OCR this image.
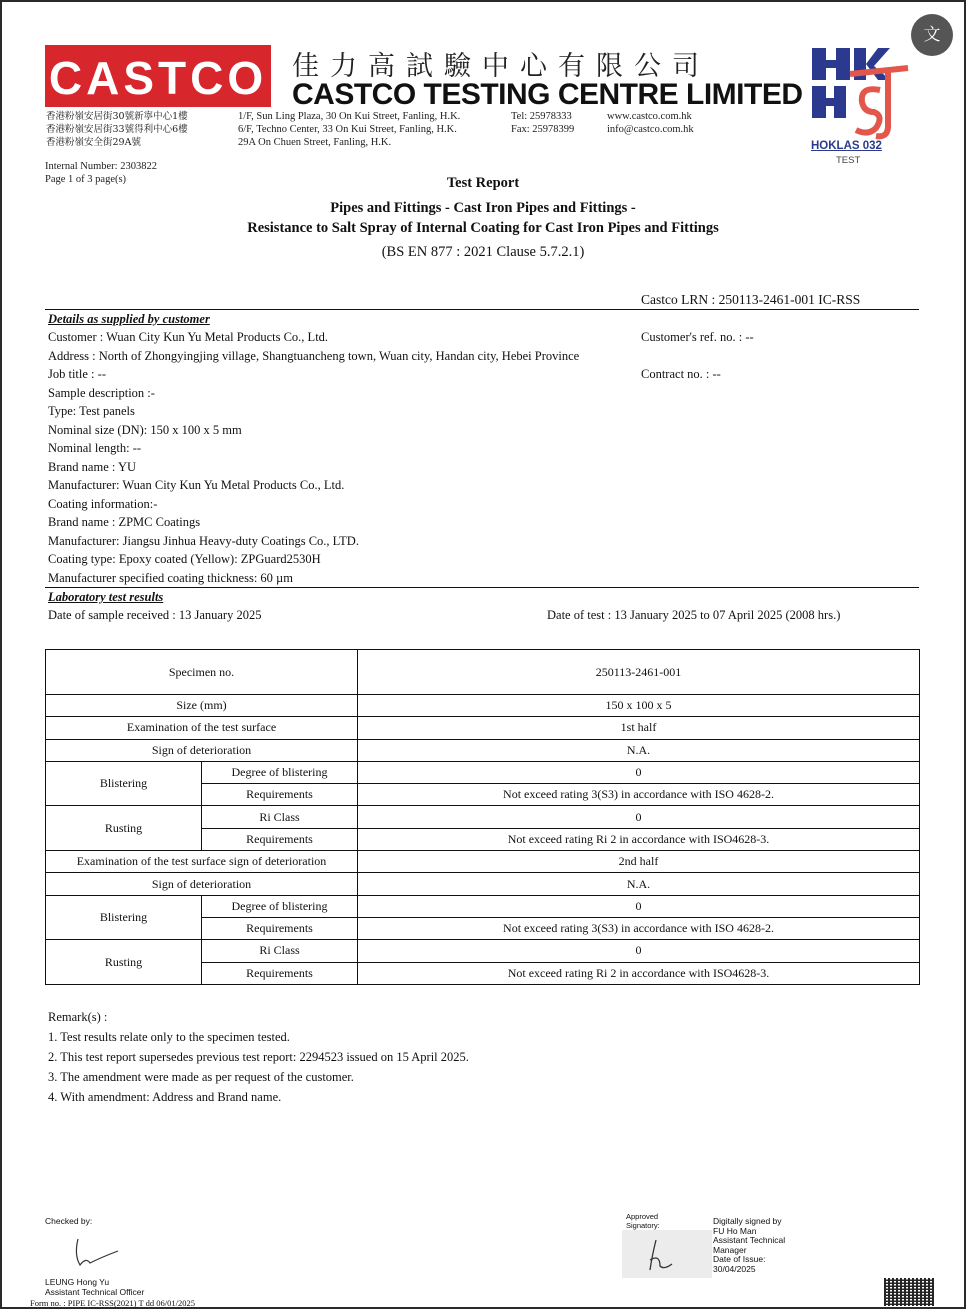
CASTCO 佳力高試驗中心有限公司
CASTCO TESTING CENTRE LIMITED
香港粉嶺安居街30號新寧中心1樓
香港粉嶺安居街33號得利中心6樓
香港粉嶺安全街29A號
1/F, Sun Ling Plaza, 30 On Kui Street, Fanling, H.K.
6/F, Techno Center, 33 On Kui Street, Fanling, H.K.
29A On Chuen Street, Fanling, H.K.
Tel: 25978333
Fax: 25978399
www.castco.com.hk
info@castco.com.hk
HOKLAS 032
TEST
文
Internal Number: 2303822
Page 1 of 3 page(s)	Test Report
Pipes and Fittings - Cast Iron Pipes and Fittings -
Resistance to Salt Spray of Internal Coating for Cast Iron Pipes and Fittings
(BS EN 877 : 2021 Clause 5.7.2.1)
Castco LRN : 250113-2461-001 IC-RSS
Details as supplied by customer
Customer : Wuan City Kun Yu Metal Products Co., Ltd.	Customer's ref. no. : --
Address : North of Zhongyingjing village, Shangtuancheng town, Wuan city, Handan city, Hebei Province
Job title : --	Contract no. : --
Sample description :-
Type: Test panels
Nominal size (DN): 150 x 100 x 5 mm
Nominal length: --
Brand name : YU
Manufacturer: Wuan City Kun Yu Metal Products Co., Ltd.
Coating information:-
Brand name : ZPMC Coatings
Manufacturer: Jiangsu Jinhua Heavy-duty Coatings Co., LTD.
Coating type: Epoxy coated (Yellow): ZPGuard2530H
Manufacturer specified coating thickness: 60 µm
Laboratory test results
Date of sample received : 13 January 2025	Date of test : 13 January 2025 to 07 April 2025 (2008 hrs.)
Specimen no.		250113-2461-001
Size (mm)		150 x 100 x 5
Examination of the test surface		1st half
Sign of deterioration		N.A.
Blistering	Degree of blistering	0
	Requirements	Not exceed rating 3(S3) in accordance with ISO 4628-2.
Rusting	Ri Class	0
	Requirements	Not exceed rating Ri 2 in accordance with ISO4628-3.
Examination of the test surface sign of deterioration		2nd half
Sign of deterioration		N.A.
Blistering	Degree of blistering	0
	Requirements	Not exceed rating 3(S3) in accordance with ISO 4628-2.
Rusting	Ri Class	0
	Requirements	Not exceed rating Ri 2 in accordance with ISO4628-3.
Remark(s) :
1. Test results relate only to the specimen tested.
2. This test report supersedes previous test report: 2294523 issued on 15 April 2025.
3. The amendment were made as per request of the customer.
4. With amendment: Address and Brand name.
Checked by:
LEUNG Hong Yu
Assistant Technical Officer
Form no. : PIPE IC-RSS(2021) T dd 06/01/2025
Approved
Signatory:	Digitally signed by
FU Ho Man
Assistant Technical
Manager
Date of Issue:
30/04/2025
